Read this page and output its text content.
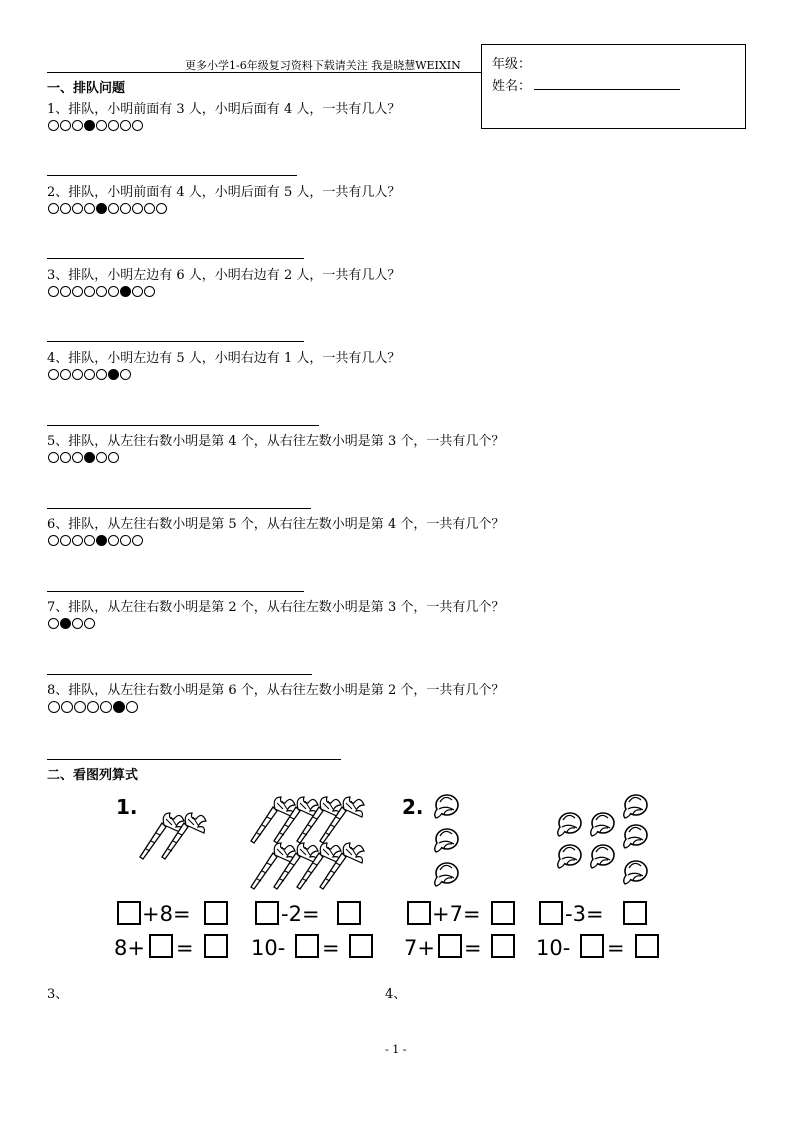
更多小学1-6年级复习资料下载请关注 我是晓慧WEIXIN 年级：
姓名：
一、排队问题
1、排队，小明前面有 3 人，小明后面有 4 人，一共有几人？
2、排队，小明前面有 4 人，小明后面有 5 人，一共有几人？
3、排队，小明左边有 6 人，小明右边有 2 人，一共有几人？
4、排队，小明左边有 5 人，小明右边有 1 人，一共有几人？
5、排队，从左往右数小明是第 4 个，从右往左数小明是第 3 个，一共有几个？
6、排队，从左往右数小明是第 5 个，从右往左数小明是第 4 个，一共有几个？
7、排队，从左往右数小明是第 2 个，从右往左数小明是第 3 个，一共有几个？
8、排队，从左往右数小明是第 6 个，从右往左数小明是第 2 个，一共有几个？
二、看图列算式
1.
+8=
8+ =
-2=
10- =
2.
+7=
7+ =
-3=
10- =
3、	4、
- 1 -
